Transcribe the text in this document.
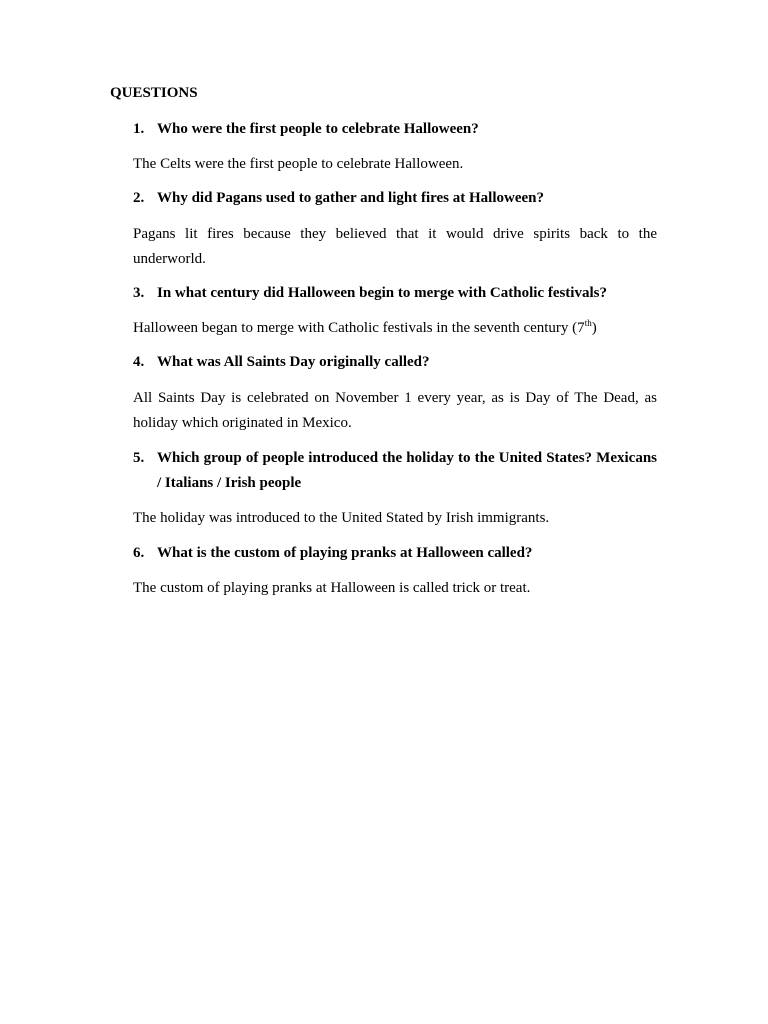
QUESTIONS

1. Who were the first people to celebrate Halloween?

The Celts were the first people to celebrate Halloween.

2. Why did Pagans used to gather and light fires at Halloween?

Pagans lit fires because they believed that it would drive spirits back to the underworld.

3. In what century did Halloween begin to merge with Catholic festivals?

Halloween began to merge with Catholic festivals in the seventh century (7th)

4. What was All Saints Day originally called?

All Saints Day is celebrated on November 1 every year, as is Day of The Dead, as holiday which originated in Mexico.

5. Which group of people introduced the holiday to the United States? Mexicans / Italians / Irish people

The holiday was introduced to the United Stated by Irish immigrants.

6. What is the custom of playing pranks at Halloween called?

The custom of playing pranks at Halloween is called trick or treat.
